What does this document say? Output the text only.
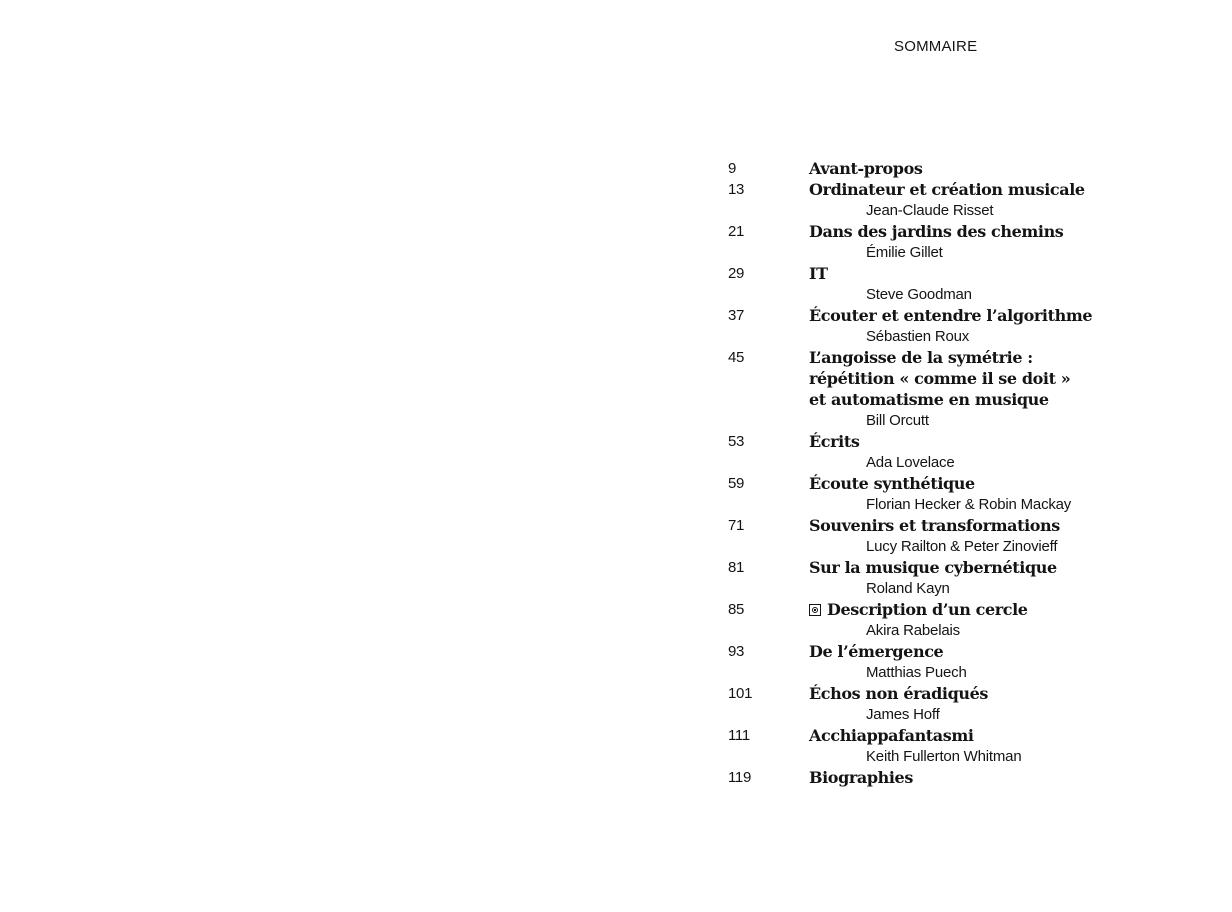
SOMMAIRE
9	Avant-propos
13	Ordinateur et création musicale
Jean-Claude Risset
21	Dans des jardins des chemins
Émilie Gillet
29	IT
Steve Goodman
37	Écouter et entendre l’algorithme
Sébastien Roux
45	L’angoisse de la symétrie :
répétition « comme il se doit »
et automatisme en musique
Bill Orcutt
53	Écrits
Ada Lovelace
59	Écoute synthétique
Florian Hecker & Robin Mackay
71	Souvenirs et transformations
Lucy Railton & Peter Zinovieff
81	Sur la musique cybernétique
Roland Kayn
85	Description d’un cercle
Akira Rabelais
93	De l’émergence
Matthias Puech
101	Échos non éradiqués
James Hoff
111	Acchiappafantasmi
Keith Fullerton Whitman
119	Biographies
